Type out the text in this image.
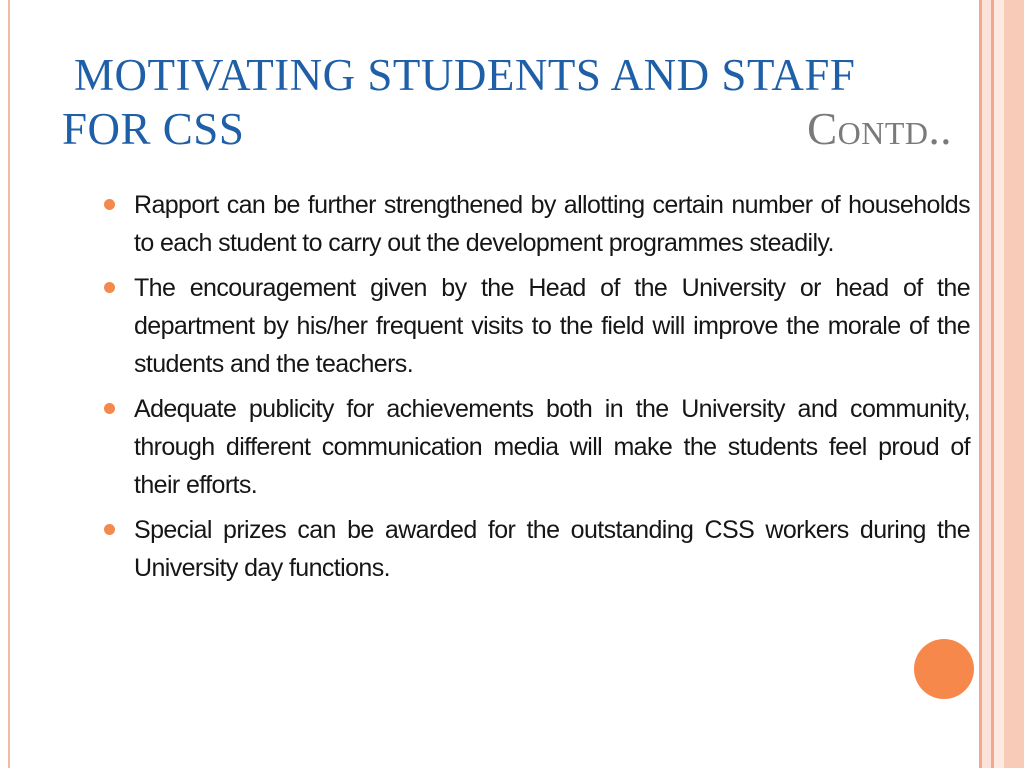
MOTIVATING STUDENTS AND STAFF
FOR CSS	Contd..
Rapport can be further strengthened by allotting certain number of households to each student to carry out the development programmes steadily.
The encouragement given by the Head of the University or head of the department by his/her frequent visits to the field will improve the morale of the students and the teachers.
Adequate publicity for achievements both in the University and community, through different communication media will make the students feel proud of their efforts.
Special prizes can be awarded for the outstanding CSS workers during the University day functions.
